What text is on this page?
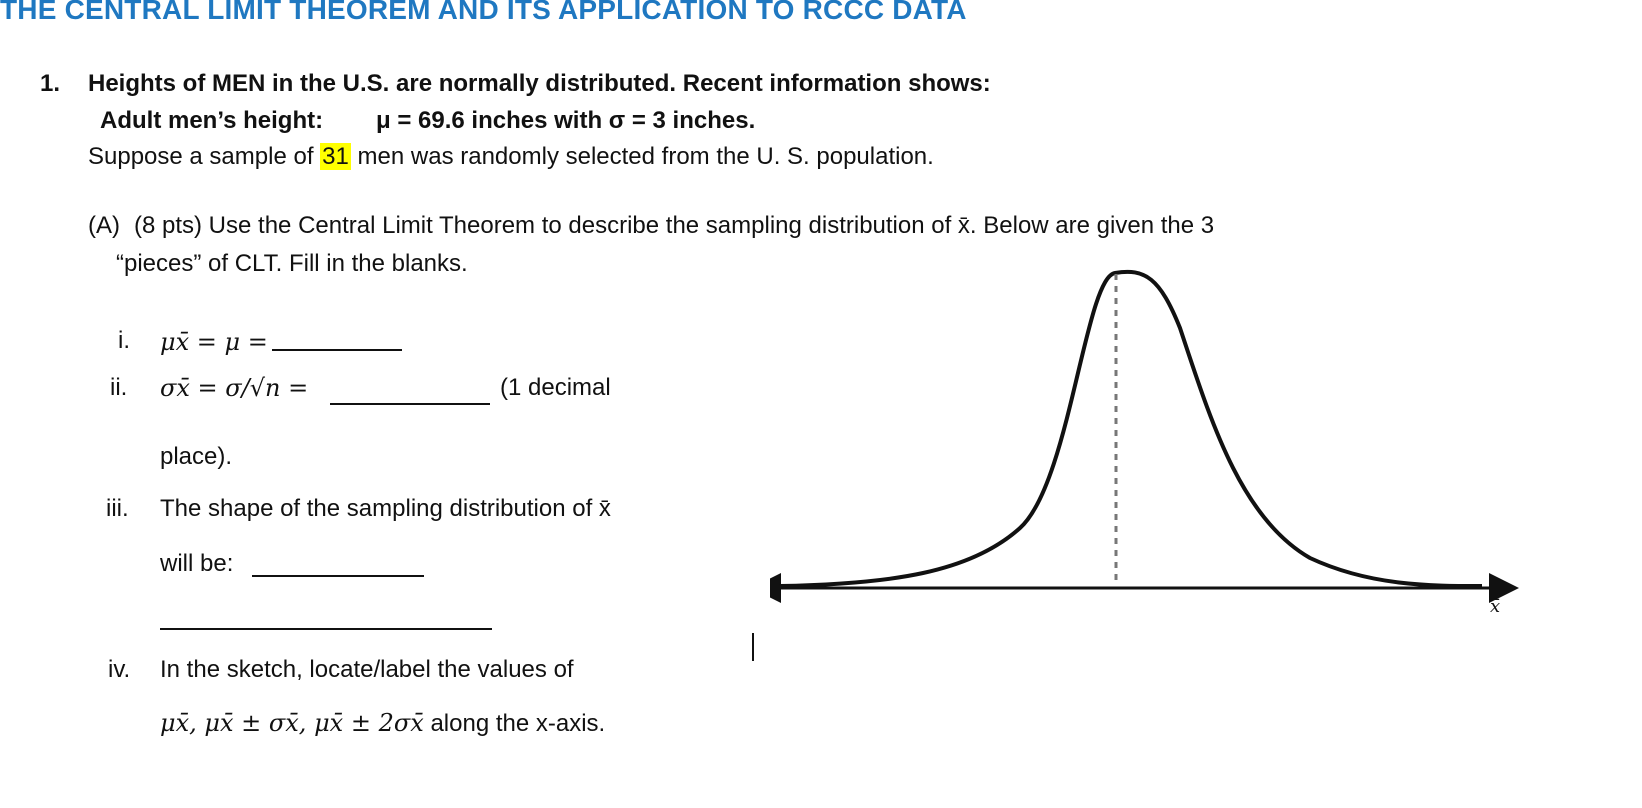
THE CENTRAL LIMIT THEOREM AND ITS APPLICATION TO RCCC DATA
1. Heights of MEN in the U.S. are normally distributed. Recent information shows:
Adult men’s height: μ = 69.6 inches with σ = 3 inches.
Suppose a sample of 31 men was randomly selected from the U. S. population.
(A) (8 pts) Use the Central Limit Theorem to describe the sampling distribution of x̄. Below are given the 3
“pieces” of CLT. Fill in the blanks.
i. μx̄ = μ =
ii. σx̄ = σ/√n =	(1 decimal
place).
iii. The shape of the sampling distribution of x̄
will be:
iv. In the sketch, locate/label the values of
μx̄, μx̄ ± σx̄, μx̄ ± 2σx̄ along the x-axis.
x̄
